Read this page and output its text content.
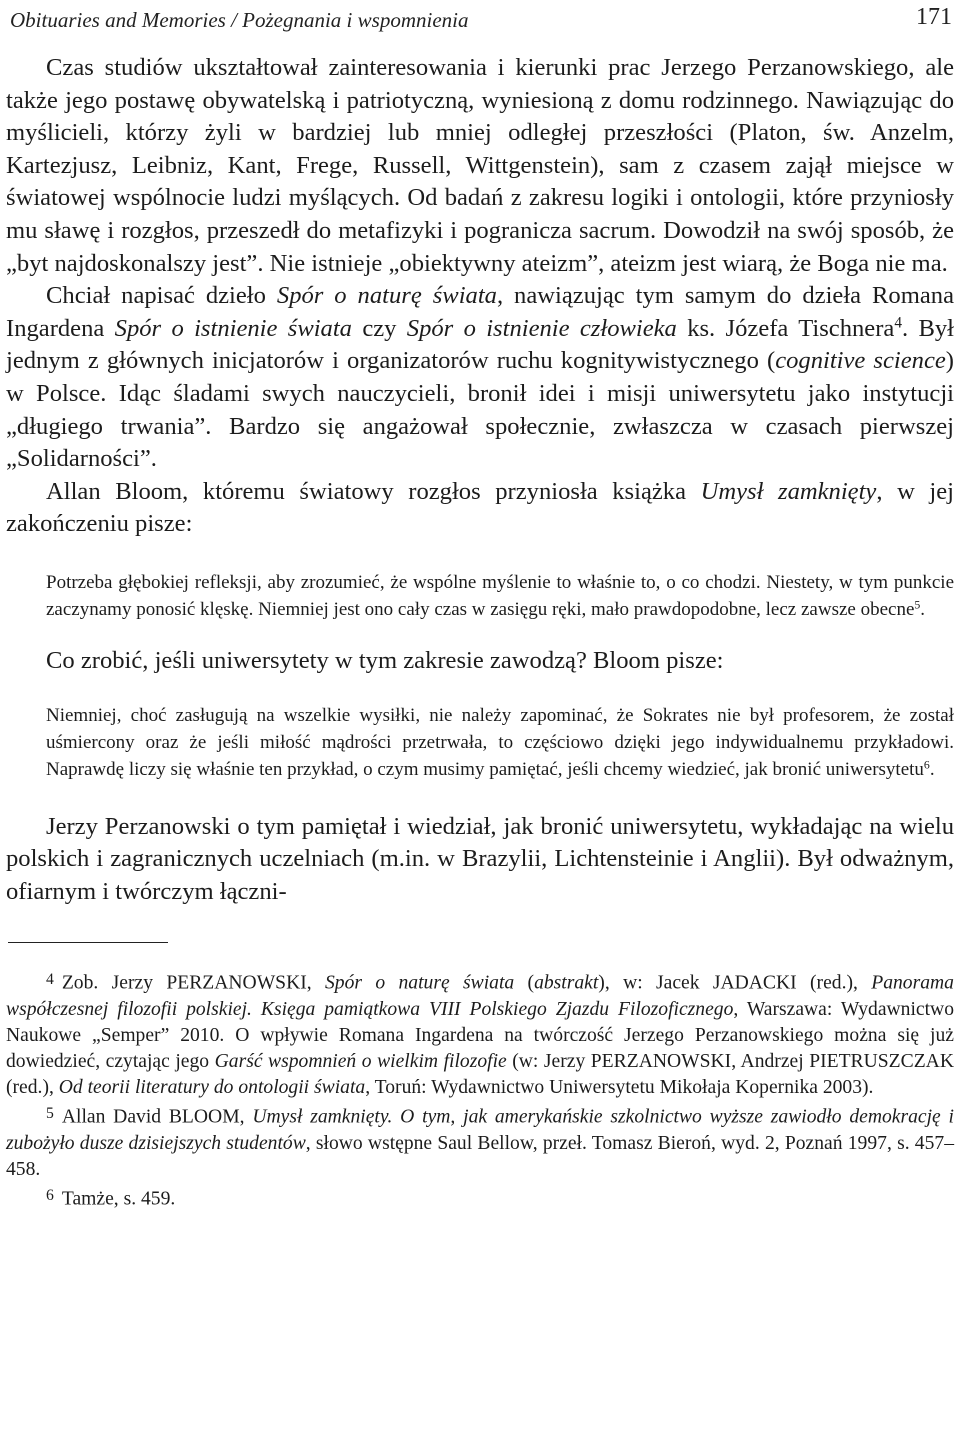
Obituaries and Memories / Pożegnania i wspomnienia	171

Czas studiów ukształtował zainteresowania i kierunki prac Jerzego Perzanowskiego, ale także jego postawę obywatelską i patriotyczną, wyniesioną z domu rodzinnego. Nawiązując do myślicieli, którzy żyli w bardziej lub mniej odległej przeszłości (Platon, św. Anzelm, Kartezjusz, Leibniz, Kant, Frege, Russell, Wittgenstein), sam z czasem zajął miejsce w światowej wspólnocie ludzi myślących. Od badań z zakresu logiki i ontologii, które przyniosły mu sławę i rozgłos, przeszedł do metafizyki i pogranicza sacrum. Dowodził na swój sposób, że „byt najdoskonalszy jest”. Nie istnieje „obiektywny ateizm”, ateizm jest wiarą, że Boga nie ma.

Chciał napisać dzieło Spór o naturę świata, nawiązując tym samym do dzieła Romana Ingardena Spór o istnienie świata czy Spór o istnienie człowieka ks. Józefa Tischnera$^4$. Był jednym z głównych inicjatorów i organizatorów ruchu kognitywistycznego (cognitive science) w Polsce. Idąc śladami swych nauczycieli, bronił idei i misji uniwersytetu jako instytucji „długiego trwania”. Bardzo się angażował społecznie, zwłaszcza w czasach pierwszej „Solidarności”.

Allan Bloom, któremu światowy rozgłos przyniosła książka Umysł zamknięty, w jej zakończeniu pisze:

Potrzeba głębokiej refleksji, aby zrozumieć, że wspólne myślenie to właśnie to, o co chodzi. Niestety, w tym punkcie zaczynamy ponosić klęskę. Niemniej jest ono cały czas w zasięgu ręki, mało prawdopodobne, lecz zawsze obecne$^5$.

Co zrobić, jeśli uniwersytety w tym zakresie zawodzą? Bloom pisze:

Niemniej, choć zasługują na wszelkie wysiłki, nie należy zapominać, że Sokrates nie był profesorem, że został uśmiercony oraz że jeśli miłość mądrości przetrwała, to częściowo dzięki jego indywidualnemu przykładowi. Naprawdę liczy się właśnie ten przykład, o czym musimy pamiętać, jeśli chcemy wiedzieć, jak bronić uniwersytetu$^6$.

Jerzy Perzanowski o tym pamiętał i wiedział, jak bronić uniwersytetu, wykładając na wielu polskich i zagranicznych uczelniach (m.in. w Brazylii, Lichtensteinie i Anglii). Był odważnym, ofiarnym i twórczym łączni-

$^4$ Zob. Jerzy PERZANOWSKI, Spór o naturę świata (abstrakt), w: Jacek JADACKI (red.), Panorama współczesnej filozofii polskiej. Księga pamiątkowa VIII Polskiego Zjazdu Filozoficznego, Warszawa: Wydawnictwo Naukowe „Semper” 2010. O wpływie Romana Ingardena na twórczość Jerzego Perzanowskiego można się już dowiedzieć, czytając jego Garść wspomnień o wielkim filozofie (w: Jerzy PERZANOWSKI, Andrzej PIETRUSZCZAK (red.), Od teorii literatury do ontologii świata, Toruń: Wydawnictwo Uniwersytetu Mikołaja Kopernika 2003).

$^5$ Allan David BLOOM, Umysł zamknięty. O tym, jak amerykańskie szkolnictwo wyższe zawiodło demokrację i zubożyło dusze dzisiejszych studentów, słowo wstępne Saul Bellow, przeł. Tomasz Bieroń, wyd. 2, Poznań 1997, s. 457–458.

$^6$ Tamże, s. 459.
